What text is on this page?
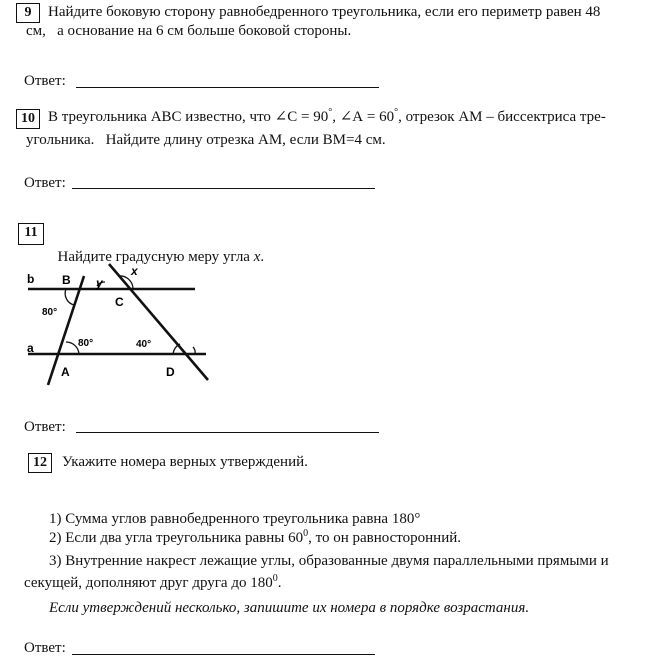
9	Найдите боковую сторону равнобедренного треугольника, если его периметр равен 48
см,   а основание на 6 см больше боковой стороны.
Ответ:
10 В треугольника АВС известно, что ∠С = 90°, ∠А = 60°, отрезок АМ – биссектриса тре-
угольника.   Найдите длину отрезка АМ, если ВМ=4 см.
Ответ:
11

Найдите градусную меру угла x.

b B y
x
C
80°
a	80°	40°
A	D
Ответ:
12	Укажите номера верных утверждений.
1) Сумма углов равнобедренного треугольника равна 180°
2) Если два угла треугольника равны $60^0$, то он равносторонний.
3) Внутренние накрест лежащие углы, образованные двумя параллельными прямыми и
секущей, дополняют друг друга до $180^0$.
Если утверждений несколько, запишите их номера в порядке возрастания.
Ответ:
